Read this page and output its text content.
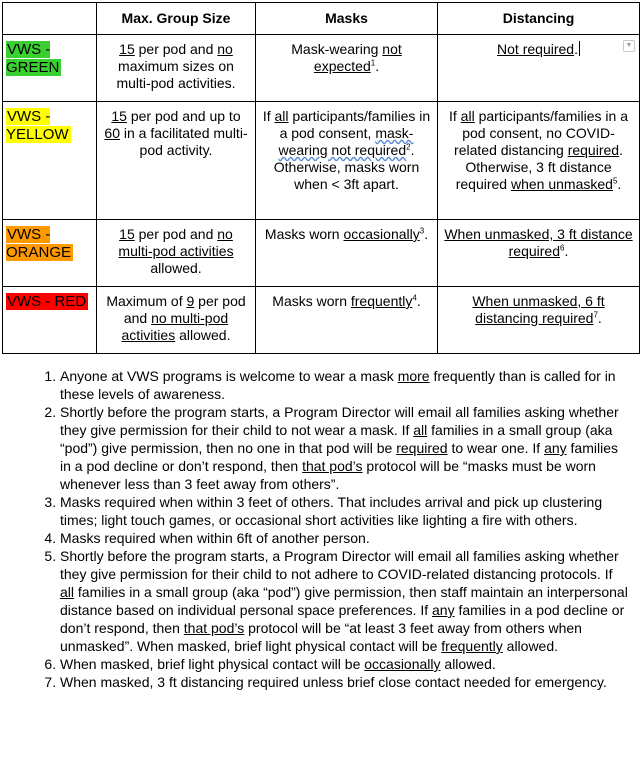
	Max. Group Size	Masks	Distancing
VWS - GREEN	15 per pod and no maximum sizes on multi-pod activities.	Mask-wearing not expected$^1$.	Not required. ▼

VWS - YELLOW	15 per pod and up to 60 in a facilitated multi-pod activity.	If all participants/families in a pod consent, mask-wearing not required$^2$. Otherwise, masks worn when < 3ft apart.	If all participants/families in a pod consent, no COVID-related distancing required. Otherwise, 3 ft distance required when unmasked$^5$.
VWS - ORANGE	15 per pod and no multi-pod activities allowed.	Masks worn occasionally$^3$.	When unmasked, 3 ft distance required$^6$.
VWS - RED	Maximum of 9 per pod and no multi-pod activities allowed.	Masks worn frequently$^4$.	When unmasked, 6 ft distancing required$^7$.
1. Anyone at VWS programs is welcome to wear a mask more frequently than is called for in these levels of awareness.
2. Shortly before the program starts, a Program Director will email all families asking whether they give permission for their child to not wear a mask. If all families in a small group (aka “pod”) give permission, then no one in that pod will be required to wear one. If any families in a pod decline or don’t respond, then that pod’s protocol will be “masks must be worn whenever less than 3 feet away from others”.
3. Masks required when within 3 feet of others. That includes arrival and pick up clustering times; light touch games, or occasional short activities like lighting a fire with others.
4. Masks required when within 6ft of another person.
5. Shortly before the program starts, a Program Director will email all families asking whether they give permission for their child to not adhere to COVID-related distancing protocols. If all families in a small group (aka “pod”) give permission, then staff maintain an interpersonal distance based on individual personal space preferences. If any families in a pod decline or don’t respond, then that pod’s protocol will be “at least 3 feet away from others when unmasked”. When masked, brief light physical contact will be frequently allowed.
6. When masked, brief light physical contact will be occasionally allowed.
7. When masked, 3 ft distancing required unless brief close contact needed for emergency.
